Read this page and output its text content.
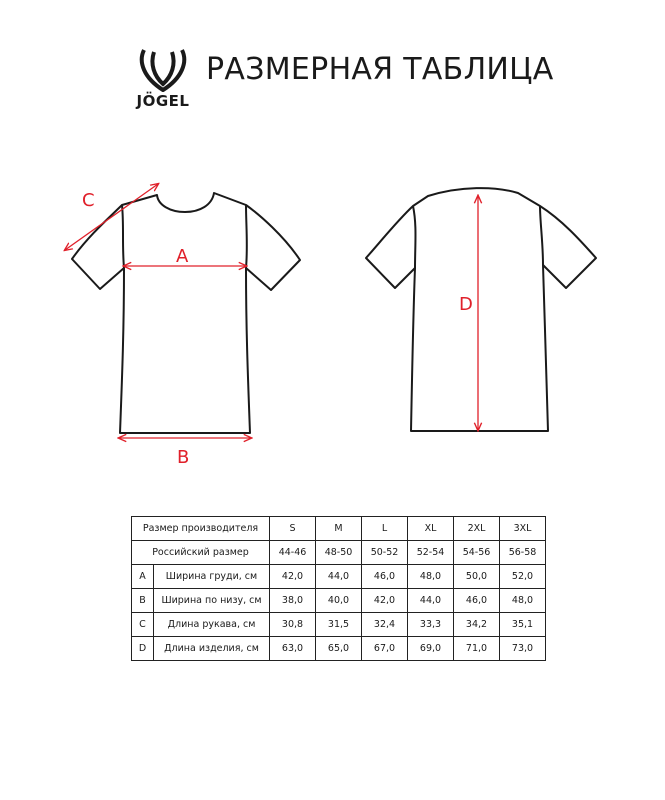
JÖGEL
РАЗМЕРНАЯ ТАБЛИЦА
A
B
C
D
Размер производителя		S	M	L	XL	2XL	3XL
Российский размер		44-46	48-50	50-52	52-54	54-56	56-58
A	Ширина груди, см	42,0	44,0	46,0	48,0	50,0	52,0
B	Ширина по низу, см	38,0	40,0	42,0	44,0	46,0	48,0
C	Длина рукава, см	30,8	31,5	32,4	33,3	34,2	35,1
D	Длина изделия, см	63,0	65,0	67,0	69,0	71,0	73,0
